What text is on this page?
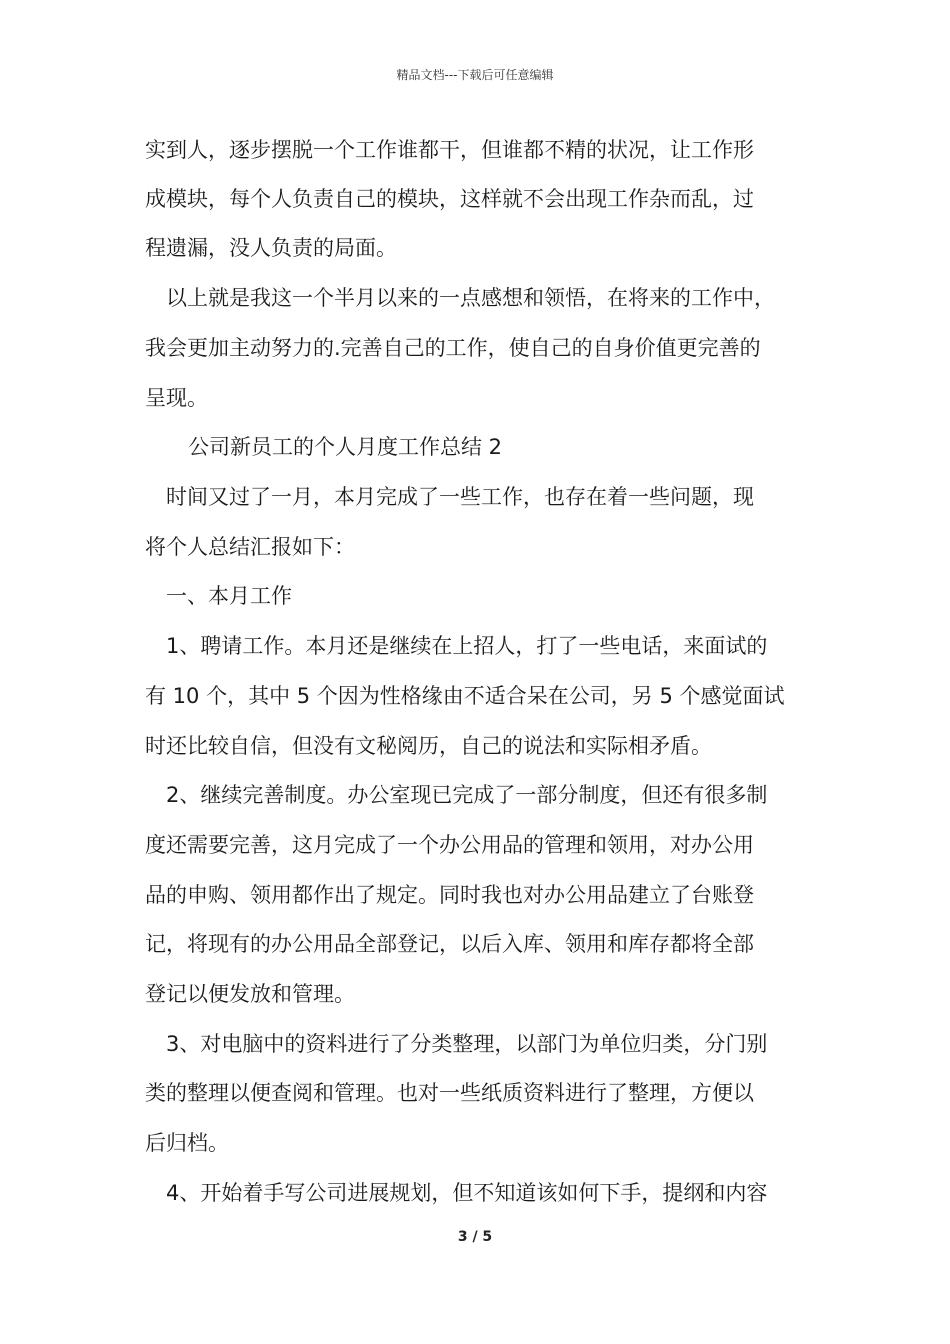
精品文档---下载后可任意编辑
实到人，逐步摆脱一个工作谁都干，但谁都不精的状况，让工作形
成模块，每个人负责自己的模块，这样就不会出现工作杂而乱，过
程遗漏，没人负责的局面。
以上就是我这一个半月以来的一点感想和领悟，在将来的工作中，
我会更加主动努力的.完善自己的工作，使自己的自身价值更完善的
呈现。
公司新员工的个人月度工作总结 2
时间又过了一月，本月完成了一些工作，也存在着一些问题，现
将个人总结汇报如下：
一、本月工作
1、聘请工作。本月还是继续在上招人，打了一些电话，来面试的
有 10 个，其中 5 个因为性格缘由不适合呆在公司，另 5 个感觉面试
时还比较自信，但没有文秘阅历，自己的说法和实际相矛盾。
2、继续完善制度。办公室现已完成了一部分制度，但还有很多制
度还需要完善，这月完成了一个办公用品的管理和领用，对办公用
品的申购、领用都作出了规定。同时我也对办公用品建立了台账登
记，将现有的办公用品全部登记，以后入库、领用和库存都将全部
登记以便发放和管理。
3、对电脑中的资料进行了分类整理，以部门为单位归类，分门别
类的整理以便查阅和管理。也对一些纸质资料进行了整理，方便以
后归档。
4、开始着手写公司进展规划，但不知道该如何下手，提纲和内容
3 / 5
